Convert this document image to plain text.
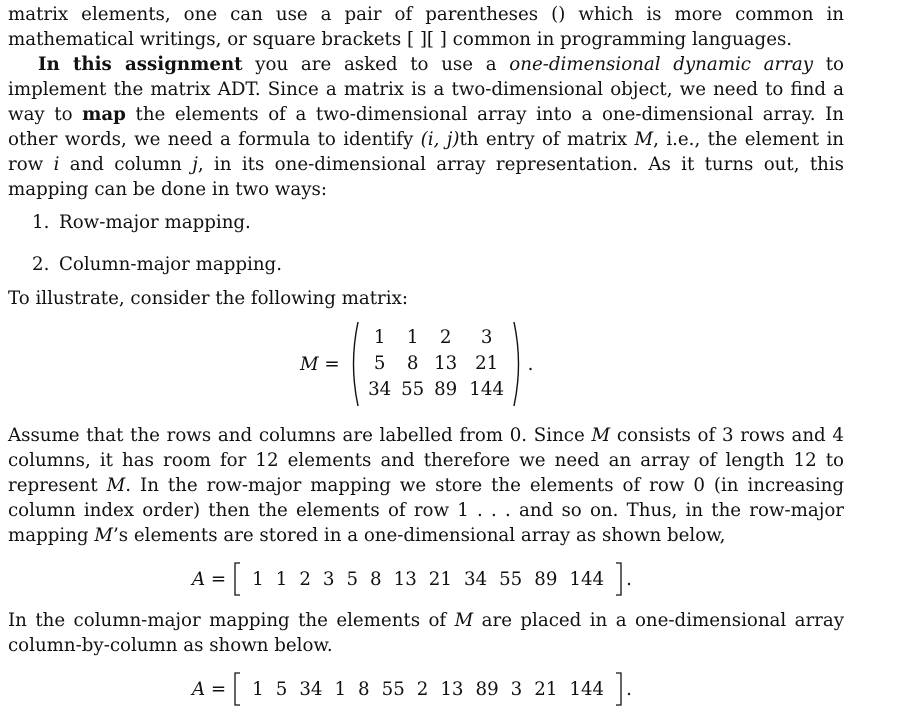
matrix elements, one can use a pair of parentheses () which is more common in mathematical writings, or square brackets [ ][ ] common in programming languages.

In this assignment you are asked to use a one-dimensional dynamic array to implement the matrix ADT. Since a matrix is a two-dimensional object, we need to find a way to map the elements of a two-dimensional array into a one-dimensional array. In other words, we need a formula to identify (i, j)th entry of matrix M, i.e., the element in row i and column j, in its one-dimensional array representation. As it turns out, this mapping can be done in two ways:

1. Row-major mapping.
2. Column-major mapping.

To illustrate, consider the following matrix:

M =
1	1	2	3
5	8 13 21
34 55 89 144
.

Assume that the rows and columns are labelled from 0. Since M consists of 3 rows and 4 columns, it has room for 12 elements and therefore we need an array of length 12 to represent M. In the row-major mapping we store the elements of row 0 (in increasing column index order) then the elements of row 1 . . . and so on. Thus, in the row-major mapping M’s elements are stored in a one-dimensional array as shown below,

A = 1 1 2 3 5 8 13 21 34 55 89 144 .

In the column-major mapping the elements of M are placed in a one-dimensional array column-by-column as shown below.

A = 1 5 34 1 8 55 2 13 89 3 21 144 .
